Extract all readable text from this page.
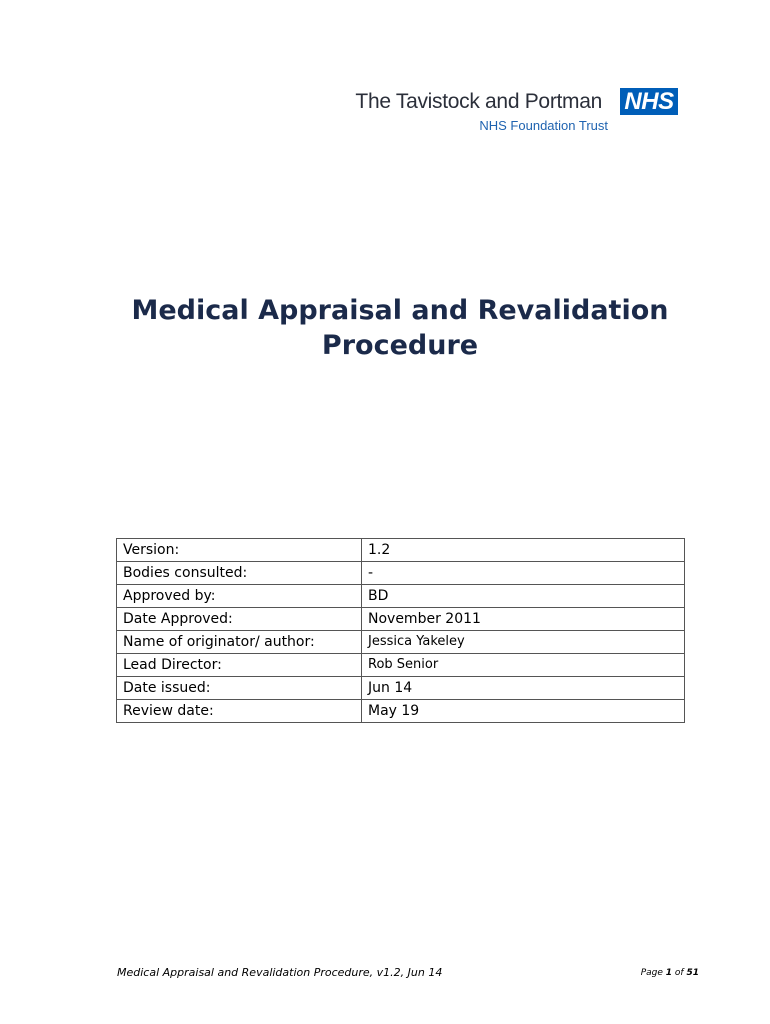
The Tavistock and Portman NHS
NHS Foundation Trust
Medical Appraisal and Revalidation
Procedure
Version:	1.2
Bodies consulted:	-
Approved by:	BD
Date Approved:	November 2011
Name of originator/ author:	Jessica Yakeley
Lead Director:	Rob Senior
Date issued:	Jun 14
Review date:	May 19
Medical Appraisal and Revalidation Procedure, v1.2, Jun 14	Page 1 of 51
